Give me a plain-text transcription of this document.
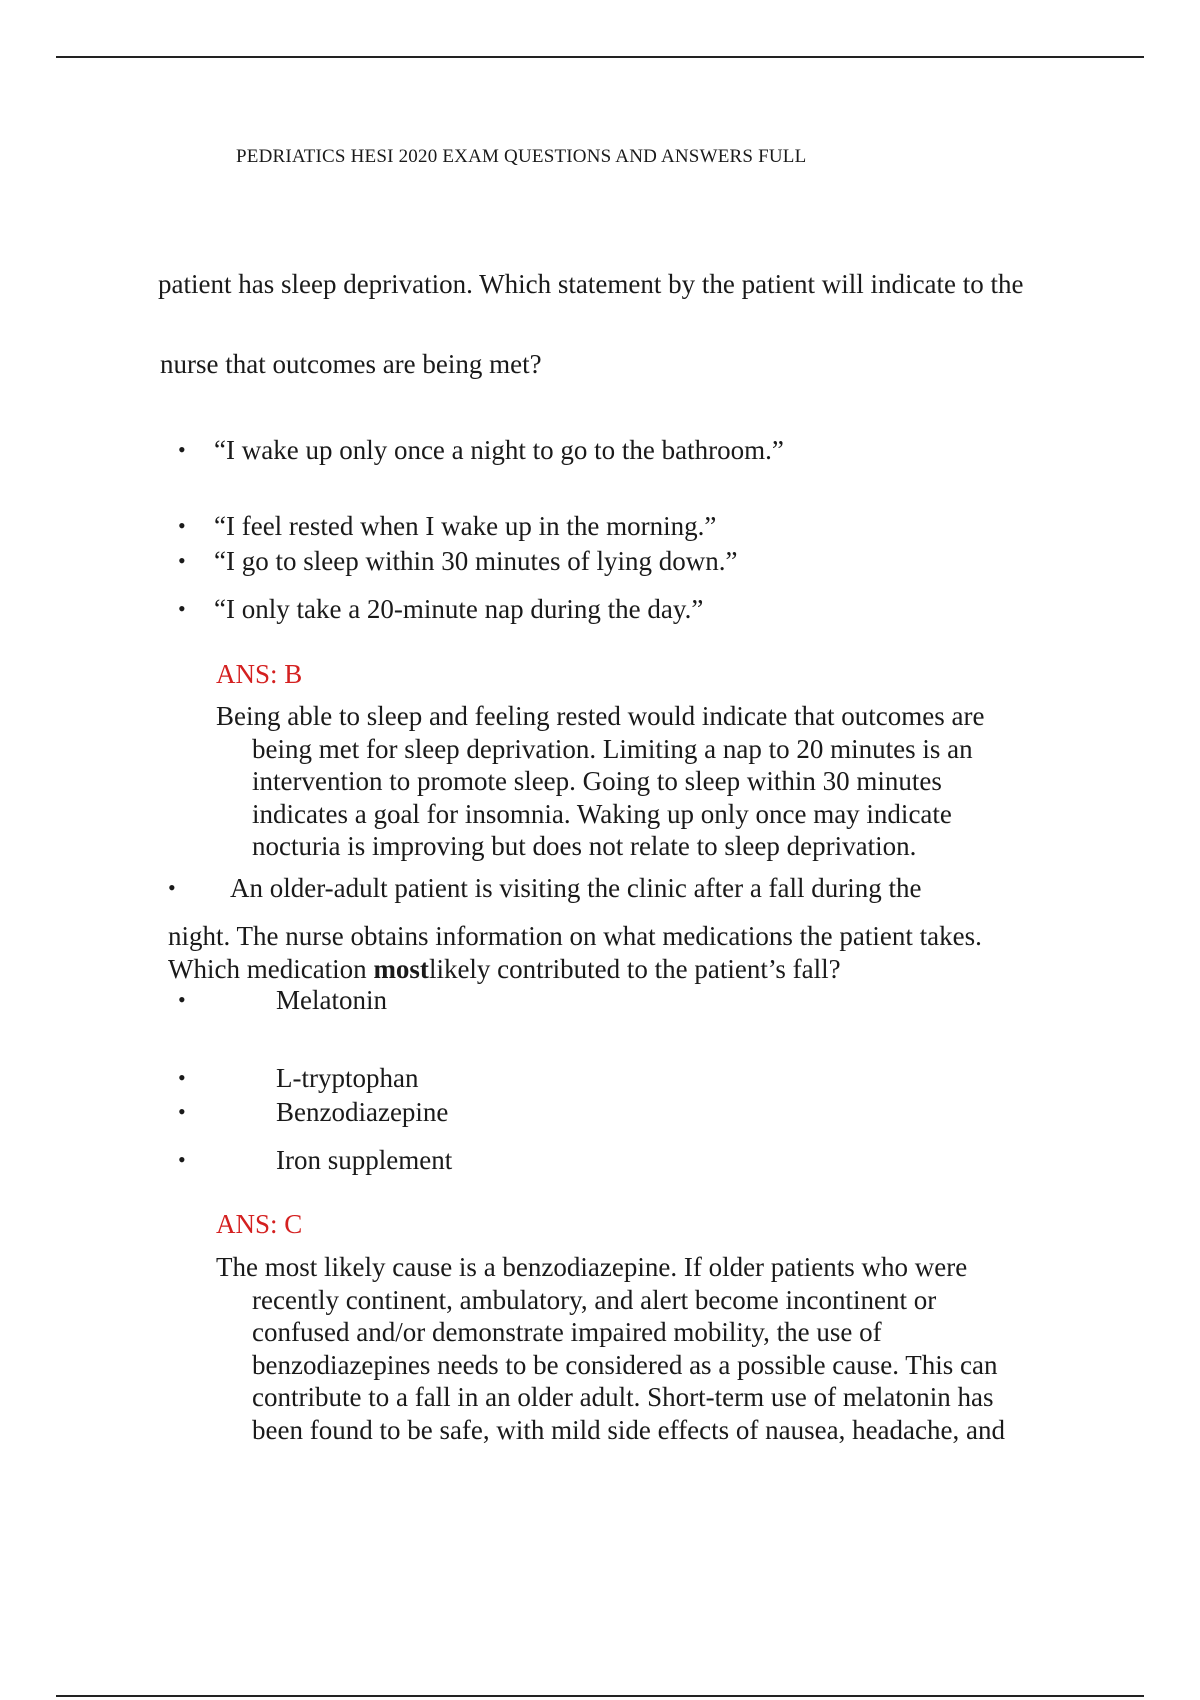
PEDRIATICS HESI 2020 EXAM QUESTIONS AND ANSWERS FULL
patient has sleep deprivation. Which statement by the patient will indicate to the
nurse that outcomes are being met?
• “I wake up only once a night to go to the bathroom.”
• “I feel rested when I wake up in the morning.”
• “I go to sleep within 30 minutes of lying down.”
• “I only take a 20-minute nap during the day.”
ANS: B
Being able to sleep and feeling rested would indicate that outcomes are
being met for sleep deprivation. Limiting a nap to 20 minutes is an
intervention to promote sleep. Going to sleep within 30 minutes
indicates a goal for insomnia. Waking up only once may indicate
nocturia is improving but does not relate to sleep deprivation.
• An older-adult patient is visiting the clinic after a fall during the
night. The nurse obtains information on what medications the patient takes.
Which medication mostlikely contributed to the patient’s fall?
•	Melatonin
•	L-tryptophan
•	Benzodiazepine
•	Iron supplement
ANS: C
The most likely cause is a benzodiazepine. If older patients who were
recently continent, ambulatory, and alert become incontinent or
confused and/or demonstrate impaired mobility, the use of
benzodiazepines needs to be considered as a possible cause. This can
contribute to a fall in an older adult. Short-term use of melatonin has
been found to be safe, with mild side effects of nausea, headache, and
